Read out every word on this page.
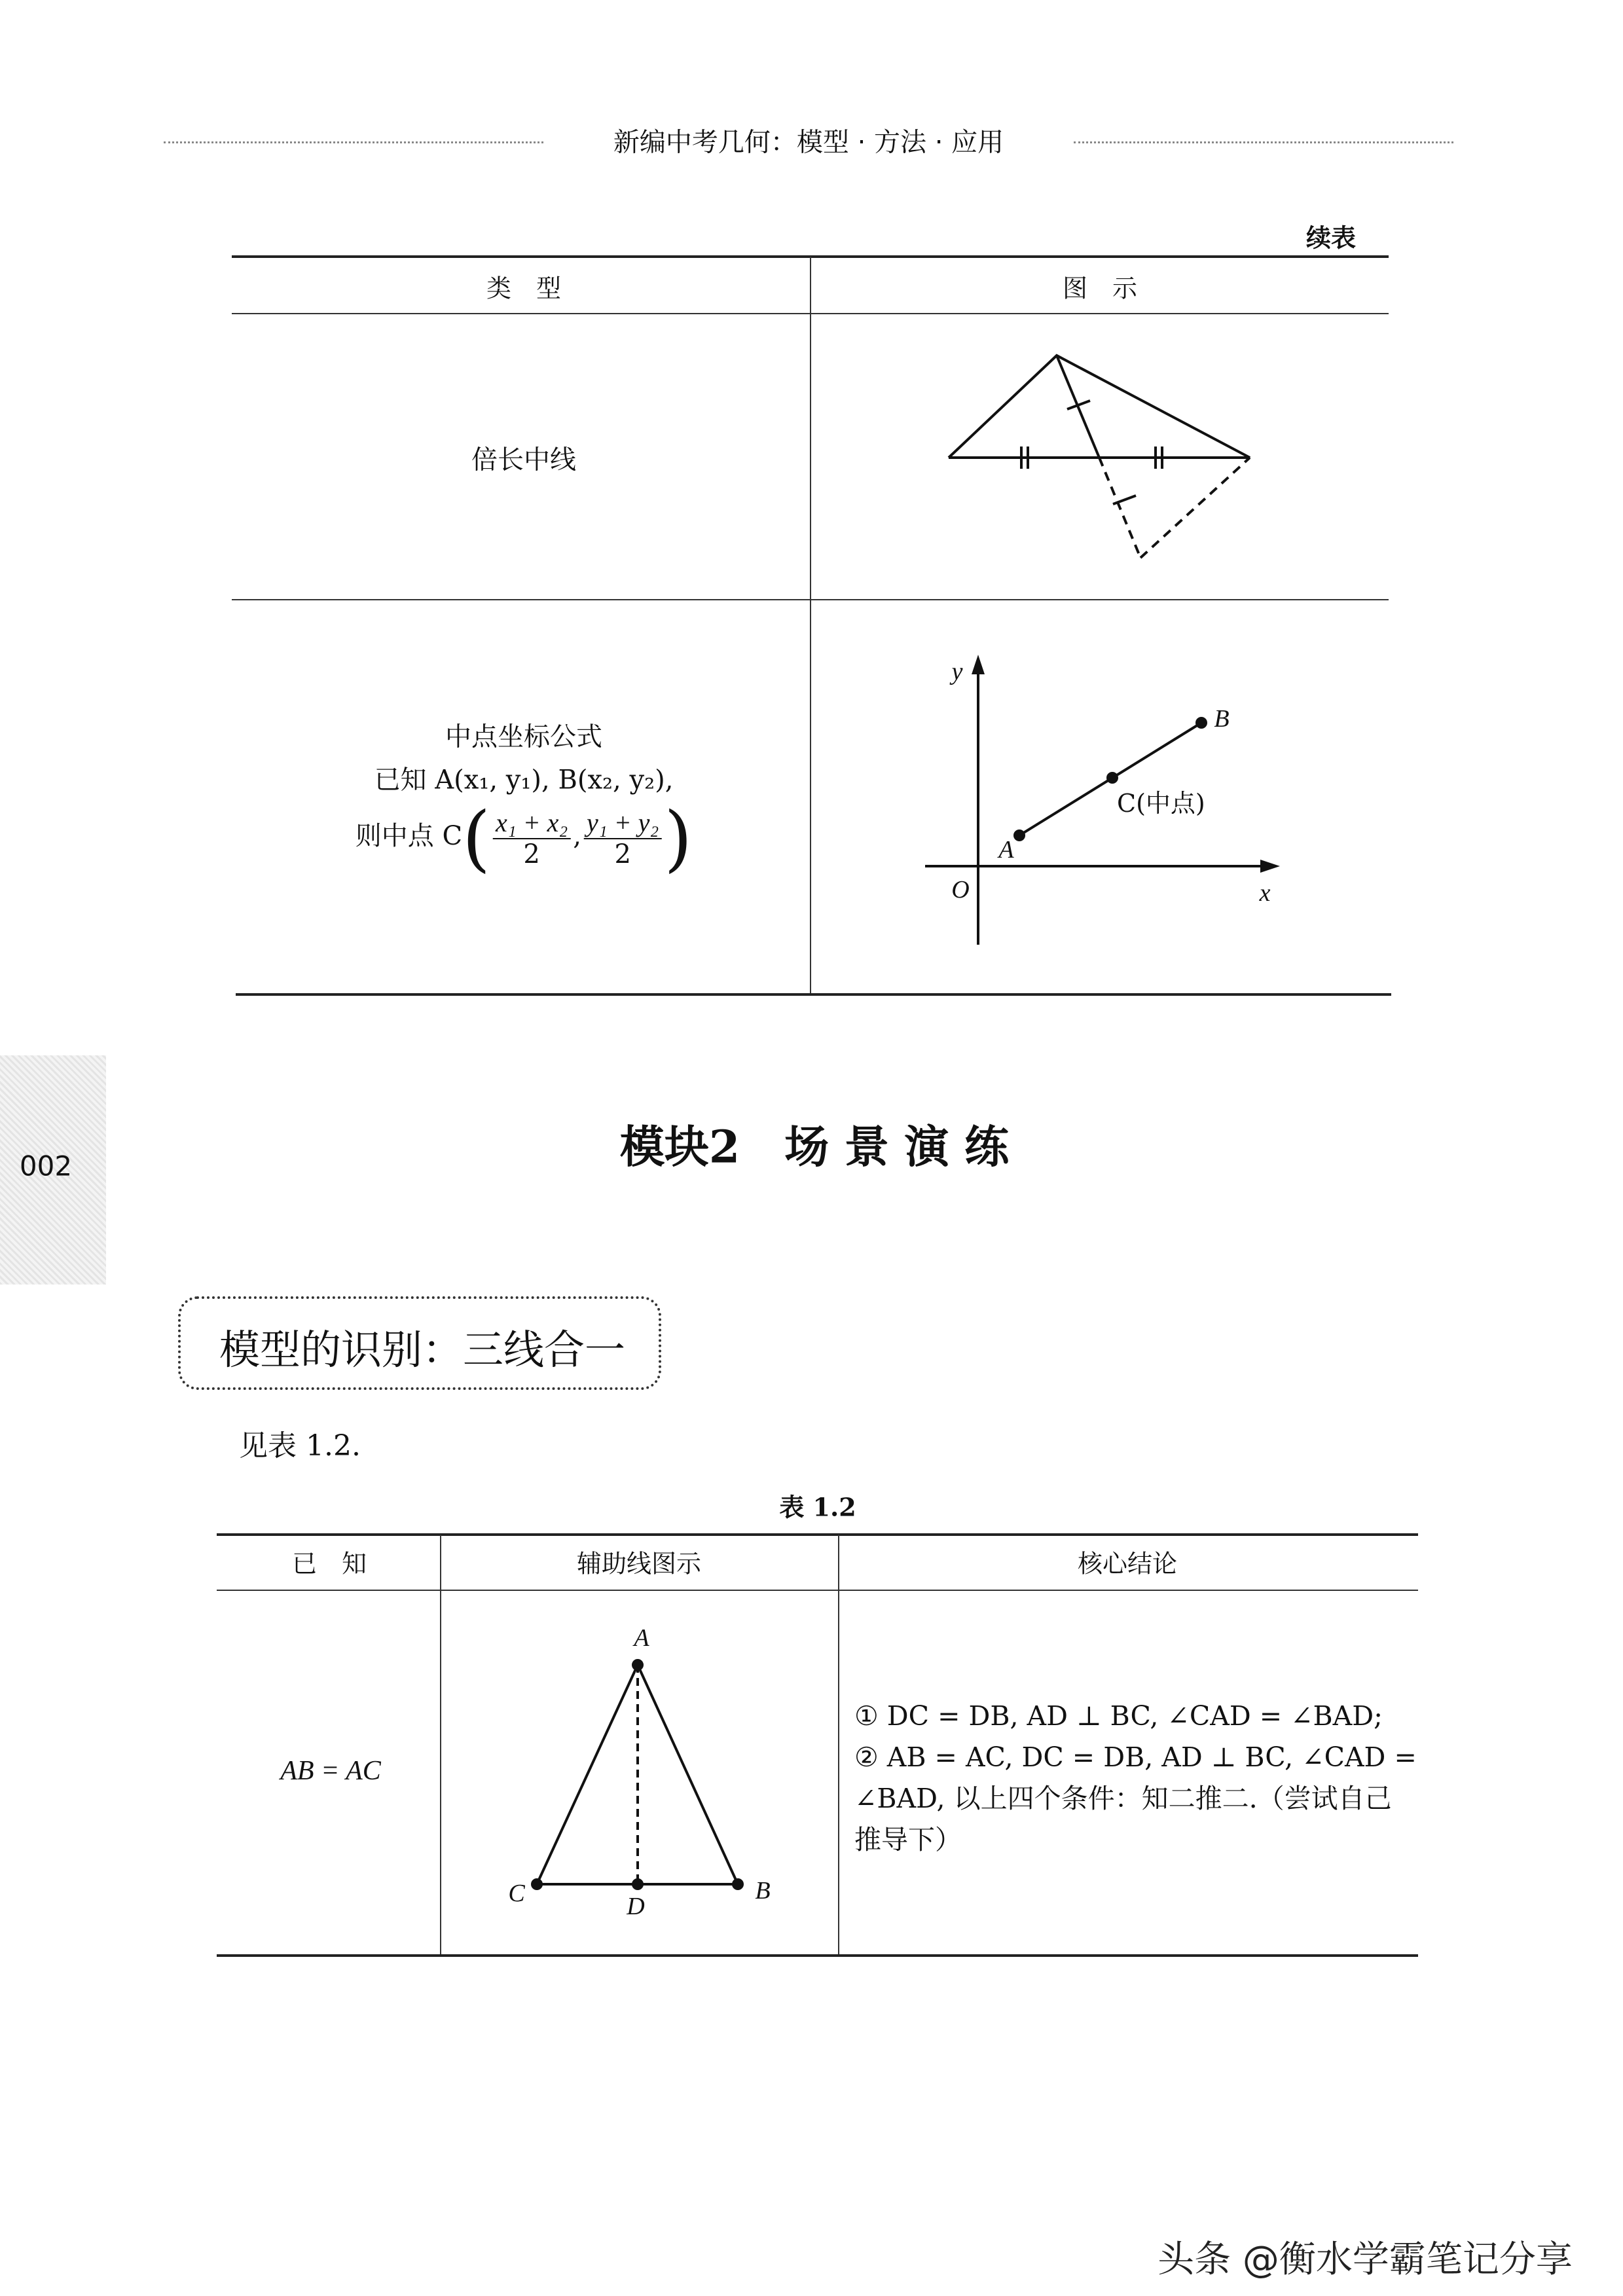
新编中考几何：模型 · 方法 · 应用
续表
类　型	图　示
倍长中线
中点坐标公式
已知 A(x₁, y₁), B(x₂, y₂),
则中点 $C( \frac{\text{x₁ + x₂}}{2}$ , $\frac{\text{y₁ + y₂}}{2}$ )
y
x
O
A
B
C(中点)
002	模块2　场 景 演 练
模型的识别：三线合一
见表 1.2.
表 1.2
已　知	辅助线图示	核心结论
AB = AC
A
C	D
B
① DC = DB, AD ⊥ BC, ∠CAD = ∠BAD;
② AB = AC, DC = DB, AD ⊥ BC, ∠CAD =
∠BAD, 以上四个条件：知二推二.（尝试自己
推导下）
头条 @衡水学霸笔记分享
